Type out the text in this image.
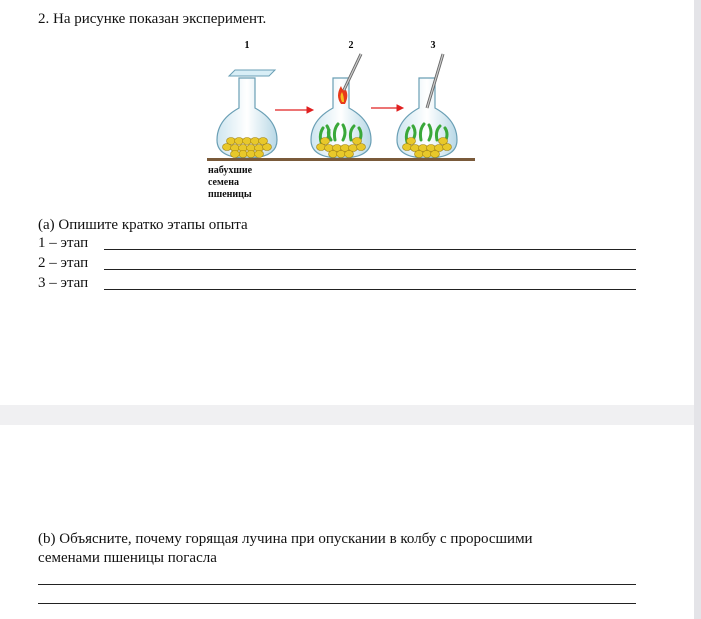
2. На рисунке показан эксперимент.
1	2	3
набухшие
семена
пшеницы
(a) Опишите кратко этапы опыта
1 – этап
2 – этап
3 – этап
(b) Объясните, почему горящая лучина при опускании в колбу с проросшими
семенами пшеницы погасла
